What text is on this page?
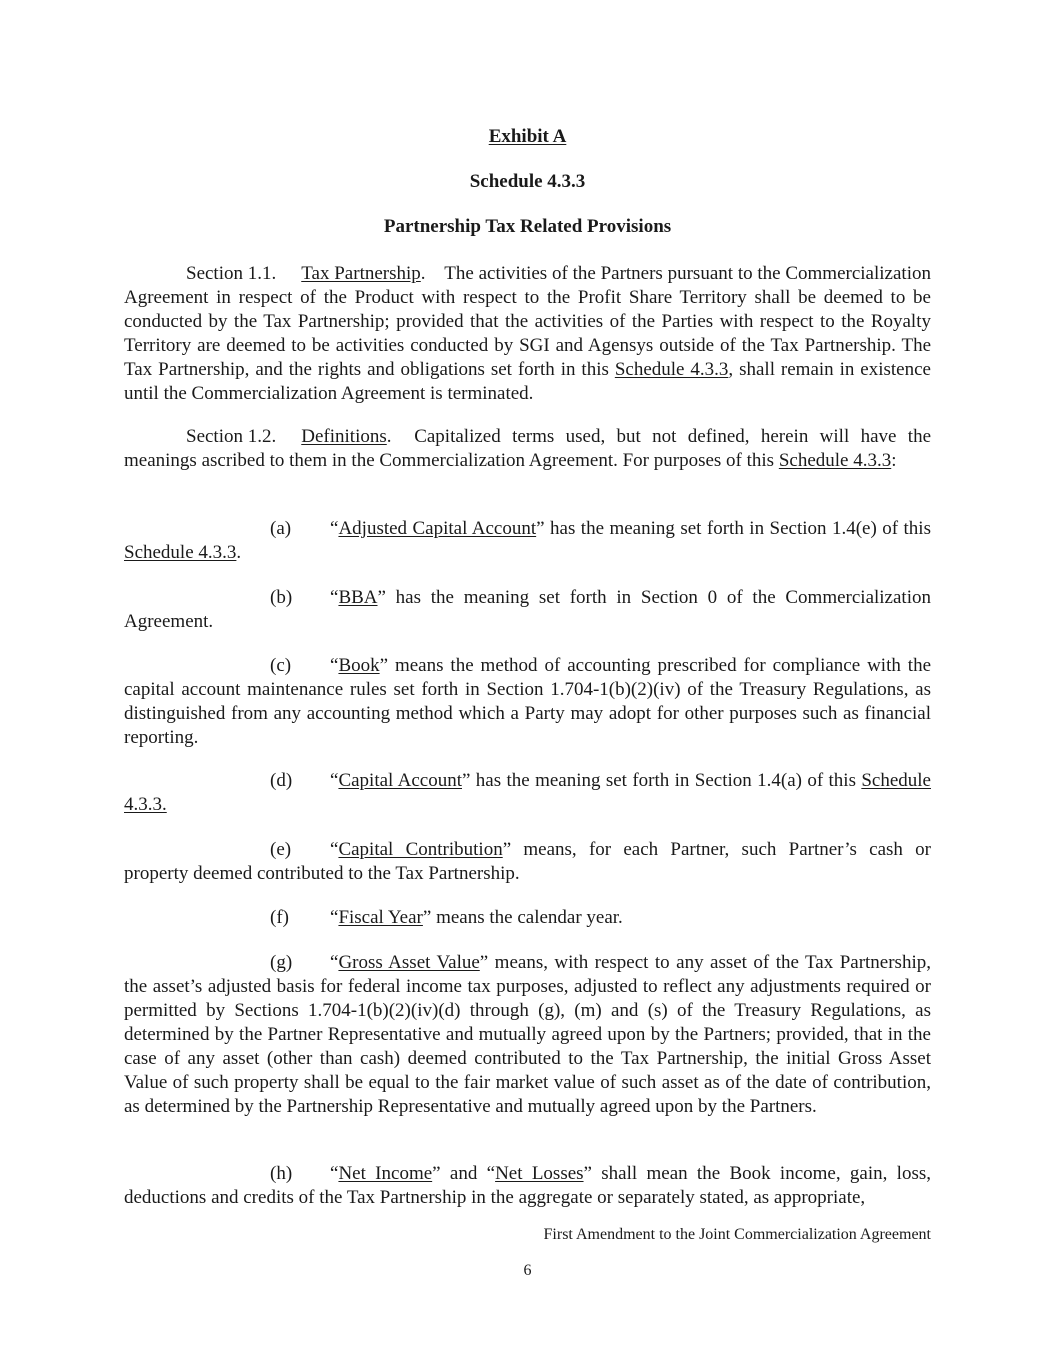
Exhibit A
Schedule 4.3.3
Partnership Tax Related Provisions

Section 1.1. Tax Partnership.    The activities of the Partners pursuant to the Commercialization Agreement in respect of the Product with respect to the Profit Share Territory shall be deemed to be conducted by the Tax Partnership; provided that the activities of the Parties with respect to the Royalty Territory are deemed to be activities conducted by SGI and Agensys outside of the Tax Partnership. The Tax Partnership, and the rights and obligations set forth in this Schedule 4.3.3, shall remain in existence until the Commercialization Agreement is terminated.

Section 1.2. Definitions.  Capitalized terms used, but not defined, herein will have the meanings ascribed to them in the Commercialization Agreement. For purposes of this Schedule 4.3.3:

(a) “Adjusted Capital Account” has the meaning set forth in Section 1.4(e) of this Schedule 4.3.3.

(b) “BBA” has the meaning set forth in Section 0 of the Commercialization Agreement.

(c) “Book” means the method of accounting prescribed for compliance with the capital account maintenance rules set forth in Section 1.704-1(b)(2)(iv) of the Treasury Regulations, as distinguished from any accounting method which a Party may adopt for other purposes such as financial reporting.

(d) “Capital Account” has the meaning set forth in Section 1.4(a) of this Schedule 4.3.3.

(e) “Capital Contribution” means, for each Partner, such Partner’s cash or property deemed contributed to the Tax Partnership.

(f) “Fiscal Year” means the calendar year.

(g) “Gross Asset Value” means, with respect to any asset of the Tax Partnership, the asset’s adjusted basis for federal income tax purposes, adjusted to reflect any adjustments required or permitted by Sections 1.704-1(b)(2)(iv)(d) through (g), (m) and (s) of the Treasury Regulations, as determined by the Partner Representative and mutually agreed upon by the Partners; provided, that in the case of any asset (other than cash) deemed contributed to the Tax Partnership, the initial Gross Asset Value of such property shall be equal to the fair market value of such asset as of the date of contribution, as determined by the Partnership Representative and mutually agreed upon by the Partners.

(h) “Net Income” and “Net Losses” shall mean the Book income, gain, loss, deductions and credits of the Tax Partnership in the aggregate or separately stated, as appropriate,

First Amendment to the Joint Commercialization Agreement
6
